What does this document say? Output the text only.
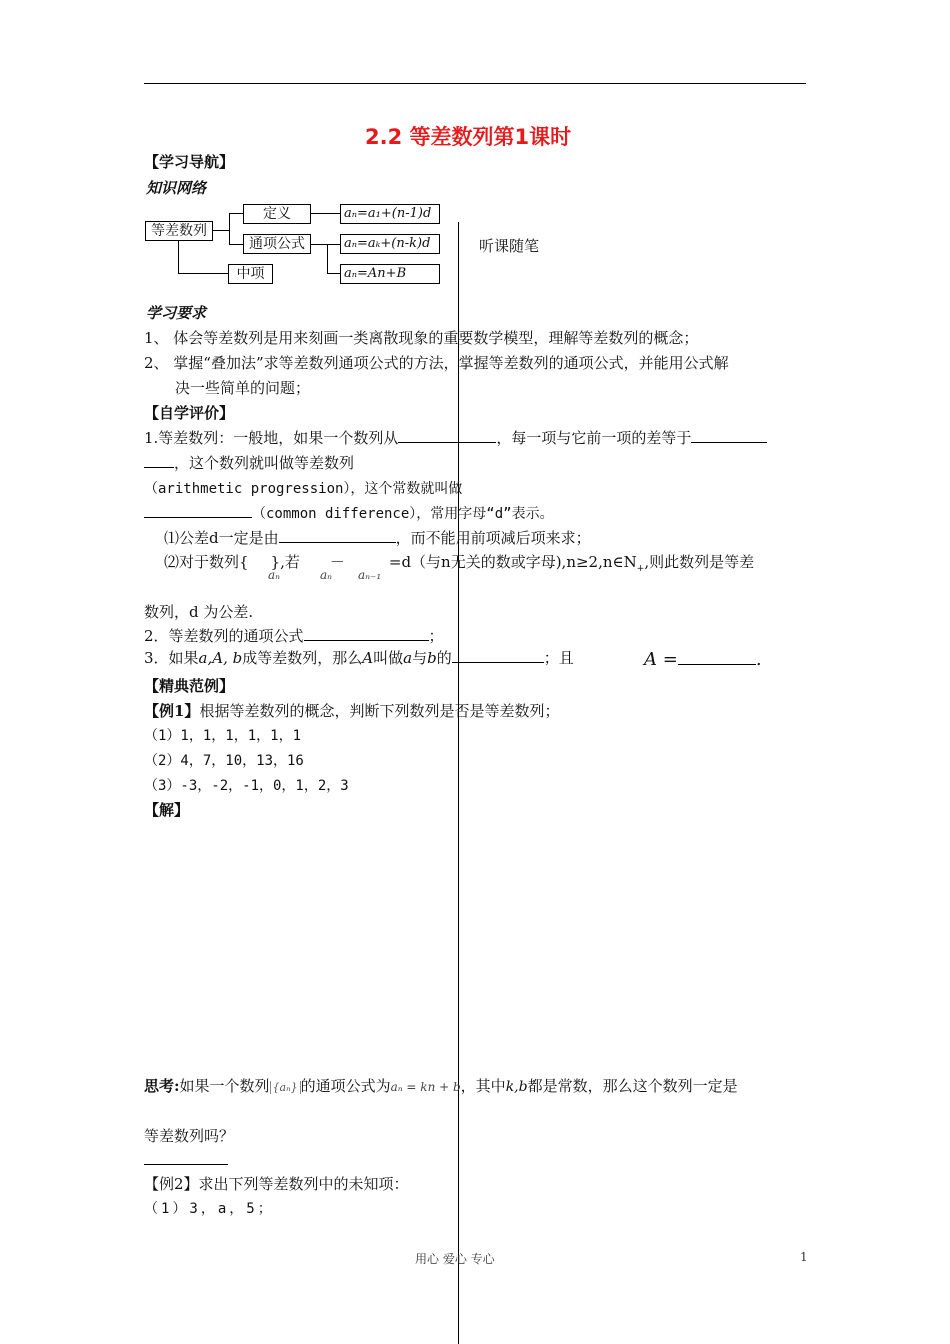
2.2 等差数列第1课时
【学习导航】
知识网络
等差数列
定义
通项公式
中项
aₙ=a₁+(n-1)d
aₙ=aₖ+(n-k)d
aₙ=An+B
听课随笔
学习要求
1、 体会等差数列是用来刻画一类离散现象的重要数学模型，理解等差数列的概念；
2、 掌握“叠加法”求等差数列通项公式的方法，掌握等差数列的通项公式，并能用公式解
决一些简单的问题；
【自学评价】
1.等差数列：一般地，如果一个数列从	，每一项与它前一项的差等于
，这个数列就叫做等差数列
（arithmetic progression），这个常数就叫做
（common difference），常用字母“d”表示。
⑴公差d一定是由	，而不能用前项减后项来求；
⑵对于数列{ },若 －	=d（与n无关的数或字母)$,n\ge 2,n\in N_+$,则此数列是等差
aₙ	aₙ aₙ₋₁
数列，d 为公差.
2．等差数列的通项公式	；
3．如果a,A, b成等差数列，那么A叫做a与b的	；且	A =	.
【精典范例】
【例1】根据等差数列的概念，判断下列数列是否是等差数列；
（1）1，1，1，1，1，1
（2）4，7，10，13，16
（3）-3，-2，-1，0，1，2，3
【解】
思考:如果一个数列 {aₙ} 的通项公式为aₙ = kn + b，其中k,b都是常数，那么这个数列一定是
等差数列吗？
【例2】求出下列等差数列中的未知项：
（1）3，a，5；
用心 爱心 专心	1
